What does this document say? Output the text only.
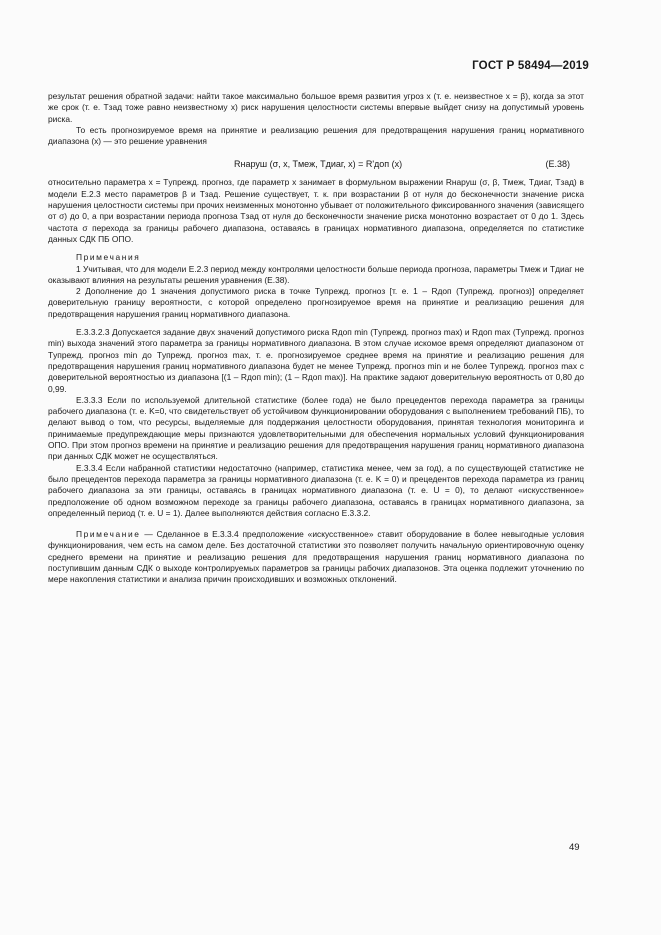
ГОСТ Р 58494—2019

результат решения обратной задачи: найти такое максимально большое время развития угроз x (т. е. неизвестное x = β), когда за этот же срок (т. е. Tзад тоже равно неизвестному x) риск нарушения целостности системы впервые выйдет снизу на допустимый уровень риска.

То есть прогнозируемое время на принятие и реализацию решения для предотвращения нарушения границ нормативного диапазона (x) — это решение уравнения

Rнаруш (σ, x, Tмеж, Tдиаг, x) = R'доп (x)	(Е.38)

относительно параметра x = Tупрежд. прогноз, где параметр x занимает в формульном выражении Rнаруш (σ, β, Tмеж, Tдиаг, Tзад) в модели Е.2.3 место параметров β и Tзад. Решение существует, т. к. при возрастании β от нуля до бесконечности значение риска нарушения целостности системы при прочих неизменных монотонно убывает от положительного фиксированного значения (зависящего от σ) до 0, а при возрастании периода прогноза Tзад от нуля до бесконечности значение риска монотонно возрастает от 0 до 1. Здесь частота σ перехода за границы рабочего диапазона, оставаясь в границах нормативного диапазона, определяется по статистике данных СДК ПБ ОПО.

Примечания

1 Учитывая, что для модели Е.2.3 период между контролями целостности больше периода прогноза, параметры Tмеж и Tдиаг не оказывают влияния на результаты решения уравнения (Е.38).

2 Дополнение до 1 значения допустимого риска в точке Tупрежд. прогноз [т. е. 1 – Rдоп (Tупрежд. прогноз)] определяет доверительную границу вероятности, с которой определено прогнозируемое время на принятие и реализацию решения для предотвращения нарушения границ нормативного диапазона.

Е.3.3.2.3 Допускается задание двух значений допустимого риска Rдоп min (Tупрежд. прогноз max) и Rдоп max (Tупрежд. прогноз min) выхода значений этого параметра за границы нормативного диапазона. В этом случае искомое время определяют диапазоном от Tупрежд. прогноз min до Tупрежд. прогноз max, т. е. прогнозируемое среднее время на принятие и реализацию решения для предотвращения нарушения границ нормативного диапазона будет не менее Tупрежд. прогноз min и не более Tупрежд. прогноз max с доверительной вероятностью из диапазона [(1 – Rдоп min); (1 – Rдоп max)]. На практике задают доверительную вероятность от 0,80 до 0,99.

Е.3.3.3 Если по используемой длительной статистике (более года) не было прецедентов перехода параметра за границы рабочего диапазона (т. е. K=0, что свидетельствует об устойчивом функционировании оборудования с выполнением требований ПБ), то делают вывод о том, что ресурсы, выделяемые для поддержания целостности оборудования, принятая технология мониторинга и принимаемые предупреждающие меры признаются удовлетворительными для обеспечения нормальных условий функционирования ОПО. При этом прогноз времени на принятие и реализацию решения для предотвращения нарушения границ нормативного диапазона при данных СДК может не осуществляться.

Е.3.3.4 Если набранной статистики недостаточно (например, статистика менее, чем за год), а по существующей статистике не было прецедентов перехода параметра за границы нормативного диапазона (т. е. K = 0) и прецедентов перехода параметра из границ рабочего диапазона за эти границы, оставаясь в границах нормативного диапазона (т. е. U = 0), то делают «искусственное» предположение об одном возможном переходе за границы рабочего диапазона, оставаясь в границах нормативного диапазона, за определенный период (т. е. U = 1). Далее выполняются действия согласно Е.3.3.2.

Примечание — Сделанное в Е.3.3.4 предположение «искусственное» ставит оборудование в более невыгодные условия функционирования, чем есть на самом деле. Без достаточной статистики это позволяет получить начальную ориентировочную оценку среднего времени на принятие и реализацию решения для предотвращения нарушения границ нормативного диапазона по поступившим данным СДК о выходе контролируемых параметров за границы рабочих диапазонов. Эта оценка подлежит уточнению по мере накопления статистики и анализа причин происходивших и возможных отклонений.

49
